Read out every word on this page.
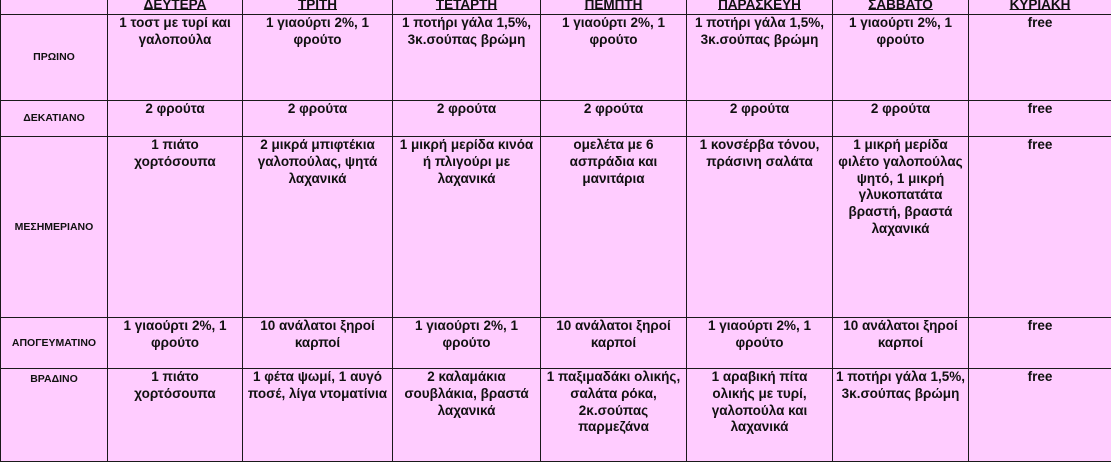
	ΔΕΥΤΕΡΑ	ΤΡΙΤΗ	ΤΕΤΑΡΤΗ	ΠΕΜΠΤΗ	ΠΑΡΑΣΚΕΥΗ	ΣΑΒΒΑΤΟ	ΚΥΡΙΑΚΗ
ΠΡΩΙΝΟ	1 τοστ με τυρί και γαλοπούλα	1 γιαούρτι 2%, 1 φρούτο	1 ποτήρι γάλα 1,5%, 3κ.σούπας βρώμη	1 γιαούρτι 2%, 1 φρούτο	1 ποτήρι γάλα 1,5%, 3κ.σούπας βρώμη	1 γιαούρτι 2%, 1 φρούτο	free
ΔΕΚΑΤΙΑΝΟ	2 φρούτα	2 φρούτα	2 φρούτα	2 φρούτα	2 φρούτα	2 φρούτα	free
ΜΕΣΗΜΕΡΙΑΝΟ	1 πιάτο χορτόσουπα	2 μικρά μπιφτέκια γαλοπούλας, ψητά λαχανικά	1 μικρή μερίδα κινόα ή πλιγούρι με λαχανικά	ομελέτα με 6 ασπράδια και μανιτάρια	1 κονσέρβα τόνου, πράσινη σαλάτα	1 μικρή μερίδα φιλέτο γαλοπούλας ψητό, 1 μικρή γλυκοπατάτα βραστή, βραστά λαχανικά	free
ΑΠΟΓΕΥΜΑΤΙΝΟ	1 γιαούρτι 2%, 1 φρούτο	10 ανάλατοι ξηροί καρποί	1 γιαούρτι 2%, 1 φρούτο	10 ανάλατοι ξηροί καρποί	1 γιαούρτι 2%, 1 φρούτο	10 ανάλατοι ξηροί καρποί	free
ΒΡΑΔΙΝΟ	1 πιάτο χορτόσουπα	1 φέτα ψωμί, 1 αυγό ποσέ, λίγα ντοματίνια	2 καλαμάκια σουβλάκια, βραστά λαχανικά	1 παξιμαδάκι ολικής, σαλάτα ρόκα, 2κ.σούπας παρμεζάνα	1 αραβική πίτα ολικής με τυρί, γαλοπούλα και λαχανικά	1 ποτήρι γάλα 1,5%, 3κ.σούπας βρώμη	free
